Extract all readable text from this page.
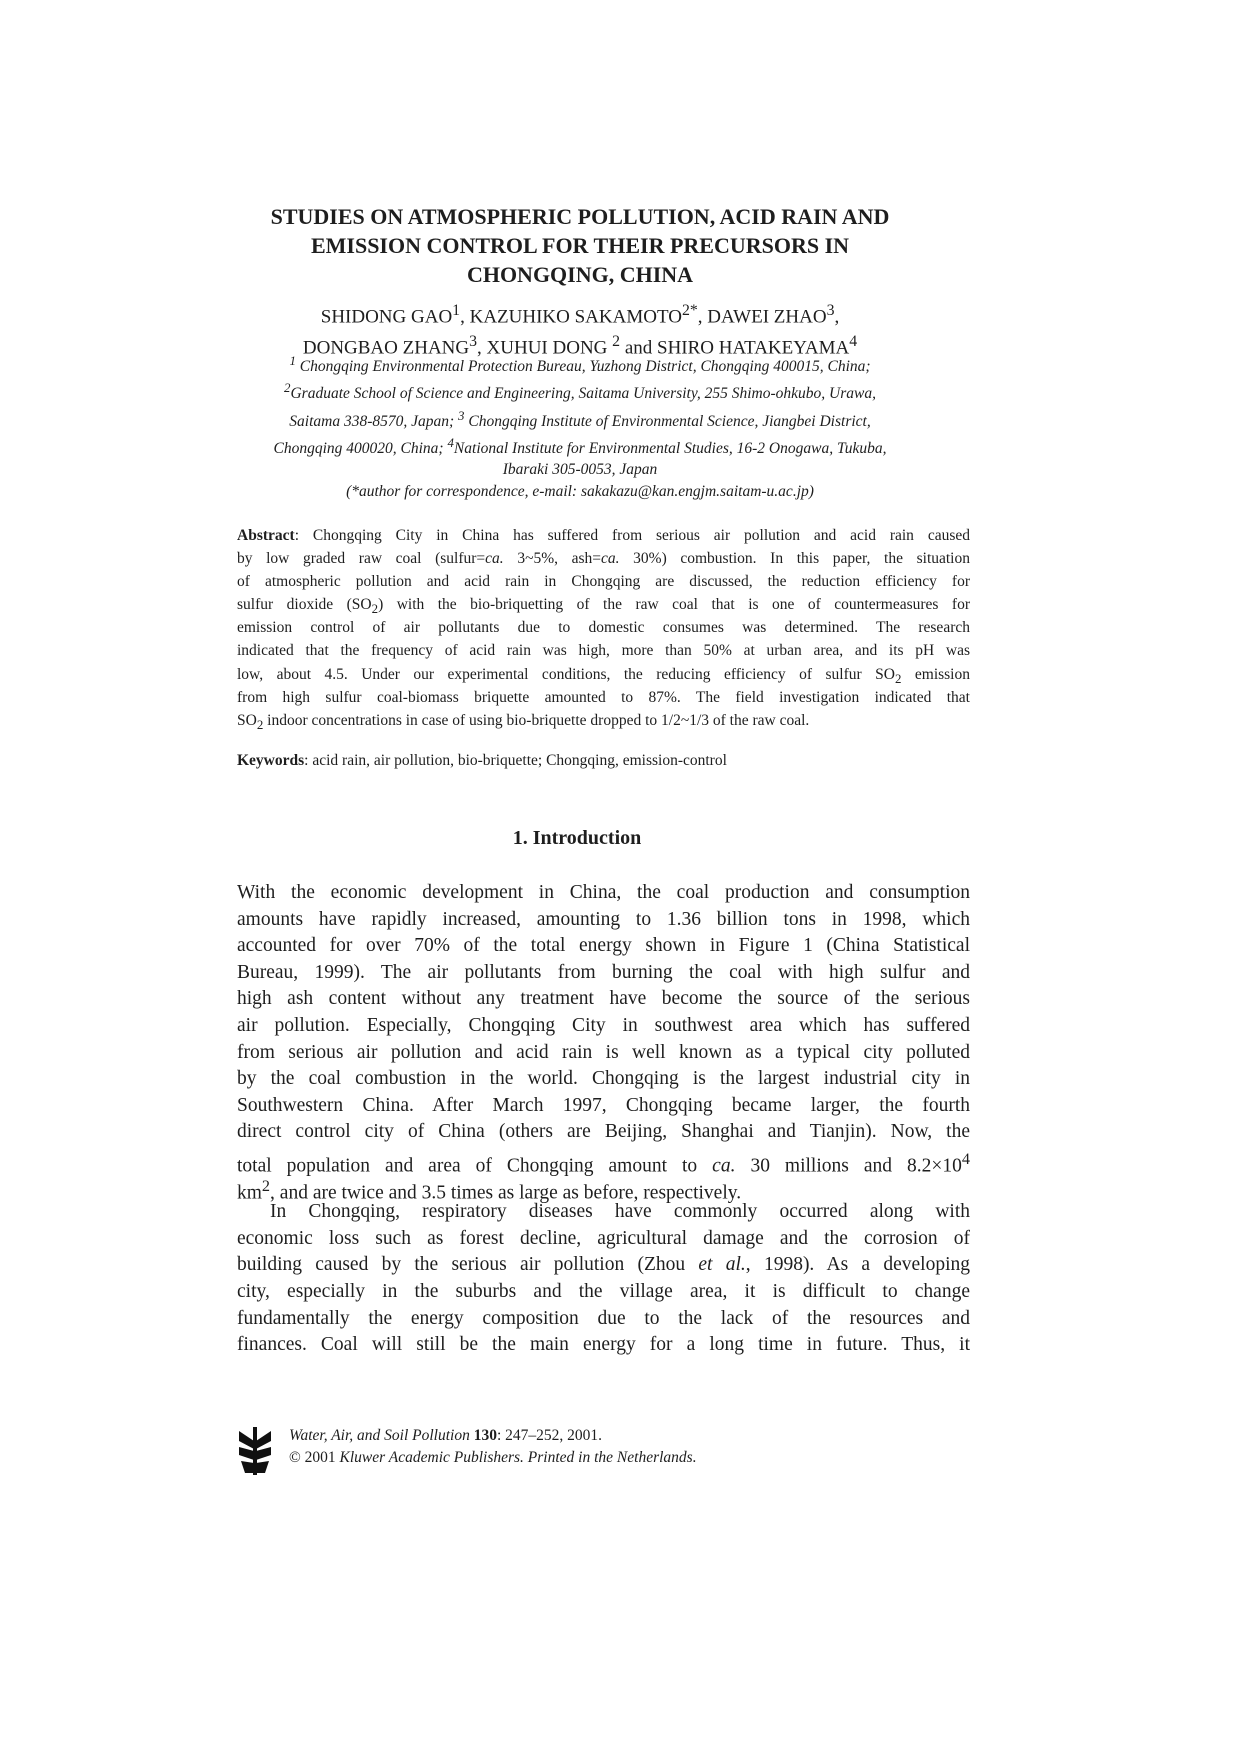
STUDIES ON ATMOSPHERIC POLLUTION, ACID RAIN AND
EMISSION CONTROL FOR THEIR PRECURSORS IN
CHONGQING, CHINA
SHIDONG GAO$^1$, KAZUHIKO $SAKAMOTO^{2*}$, DAWEI ZHAO$^3$,
DONGBAO ZHANG$^3$, XUHUI DONG $^2$ and SHIRO HATAKEYAMA$^4$
$^1$ Chongqing Environmental Protection Bureau, Yuzhong District, Chongqing 400015, China;
$^2$Graduate School of Science and Engineering, Saitama University, 255 Shimo-ohkubo, Urawa,
Saitama 338-8570, Japan; $^3$ Chongqing Institute of Environmental Science, Jiangbei District,
Chongqing 400020, China; $^4$National Institute for Environmental Studies, 16-2 Onogawa, Tukuba,
Ibaraki 305-0053, Japan
(*author for correspondence, e-mail: sakakazu@kan.engjm.saitam-u.ac.jp)
Abstract: Chongqing City in China has suffered from serious air pollution and acid rain caused
by low graded raw coal (sulfur=ca. 3~5%, ash=ca. 30%) combustion. In this paper, the situation
of atmospheric pollution and acid rain in Chongqing are discussed, the reduction efficiency for
sulfur dioxide $(SO_2)$ with the bio-briquetting of the raw coal that is one of countermeasures for
emission control of air pollutants due to domestic consumes was determined. The research
indicated that the frequency of acid rain was high, more than 50% at urban area, and its pH was
low, about 4.5. Under our experimental conditions, the reducing efficiency of sulfur $SO_2$ emission
from high sulfur coal-biomass briquette amounted to 87%. The field investigation indicated that
$SO_2$ indoor concentrations in case of using bio-briquette dropped to 1/2~1/3 of the raw coal.
Keywords: acid rain, air pollution, bio-briquette; Chongqing, emission-control
1. Introduction
With the economic development in China, the coal production and consumption
amounts have rapidly increased, amounting to 1.36 billion tons in 1998, which
accounted for over 70% of the total energy shown in Figure 1 (China Statistical
Bureau, 1999). The air pollutants from burning the coal with high sulfur and
high ash content without any treatment have become the source of the serious
air pollution. Especially, Chongqing City in southwest area which has suffered
from serious air pollution and acid rain is well known as a typical city polluted
by the coal combustion in the world. Chongqing is the largest industrial city in
Southwestern China. After March 1997, Chongqing became larger, the fourth
direct control city of China (others are Beijing, Shanghai and Tianjin). Now, the
total population and area of Chongqing amount to ca. 30 millions and $8.2\times 10^4$
$km^2$, and are twice and 3.5 times as large as before, respectively.
In Chongqing, respiratory diseases have commonly occurred along with
economic loss such as forest decline, agricultural damage and the corrosion of
building caused by the serious air pollution (Zhou et al., 1998). As a developing
city, especially in the suburbs and the village area, it is difficult to change
fundamentally the energy composition due to the lack of the resources and
finances. Coal will still be the main energy for a long time in future. Thus, it
Water, Air, and Soil Pollution 130: 247–252, 2001.
© 2001 Kluwer Academic Publishers. Printed in the Netherlands.
